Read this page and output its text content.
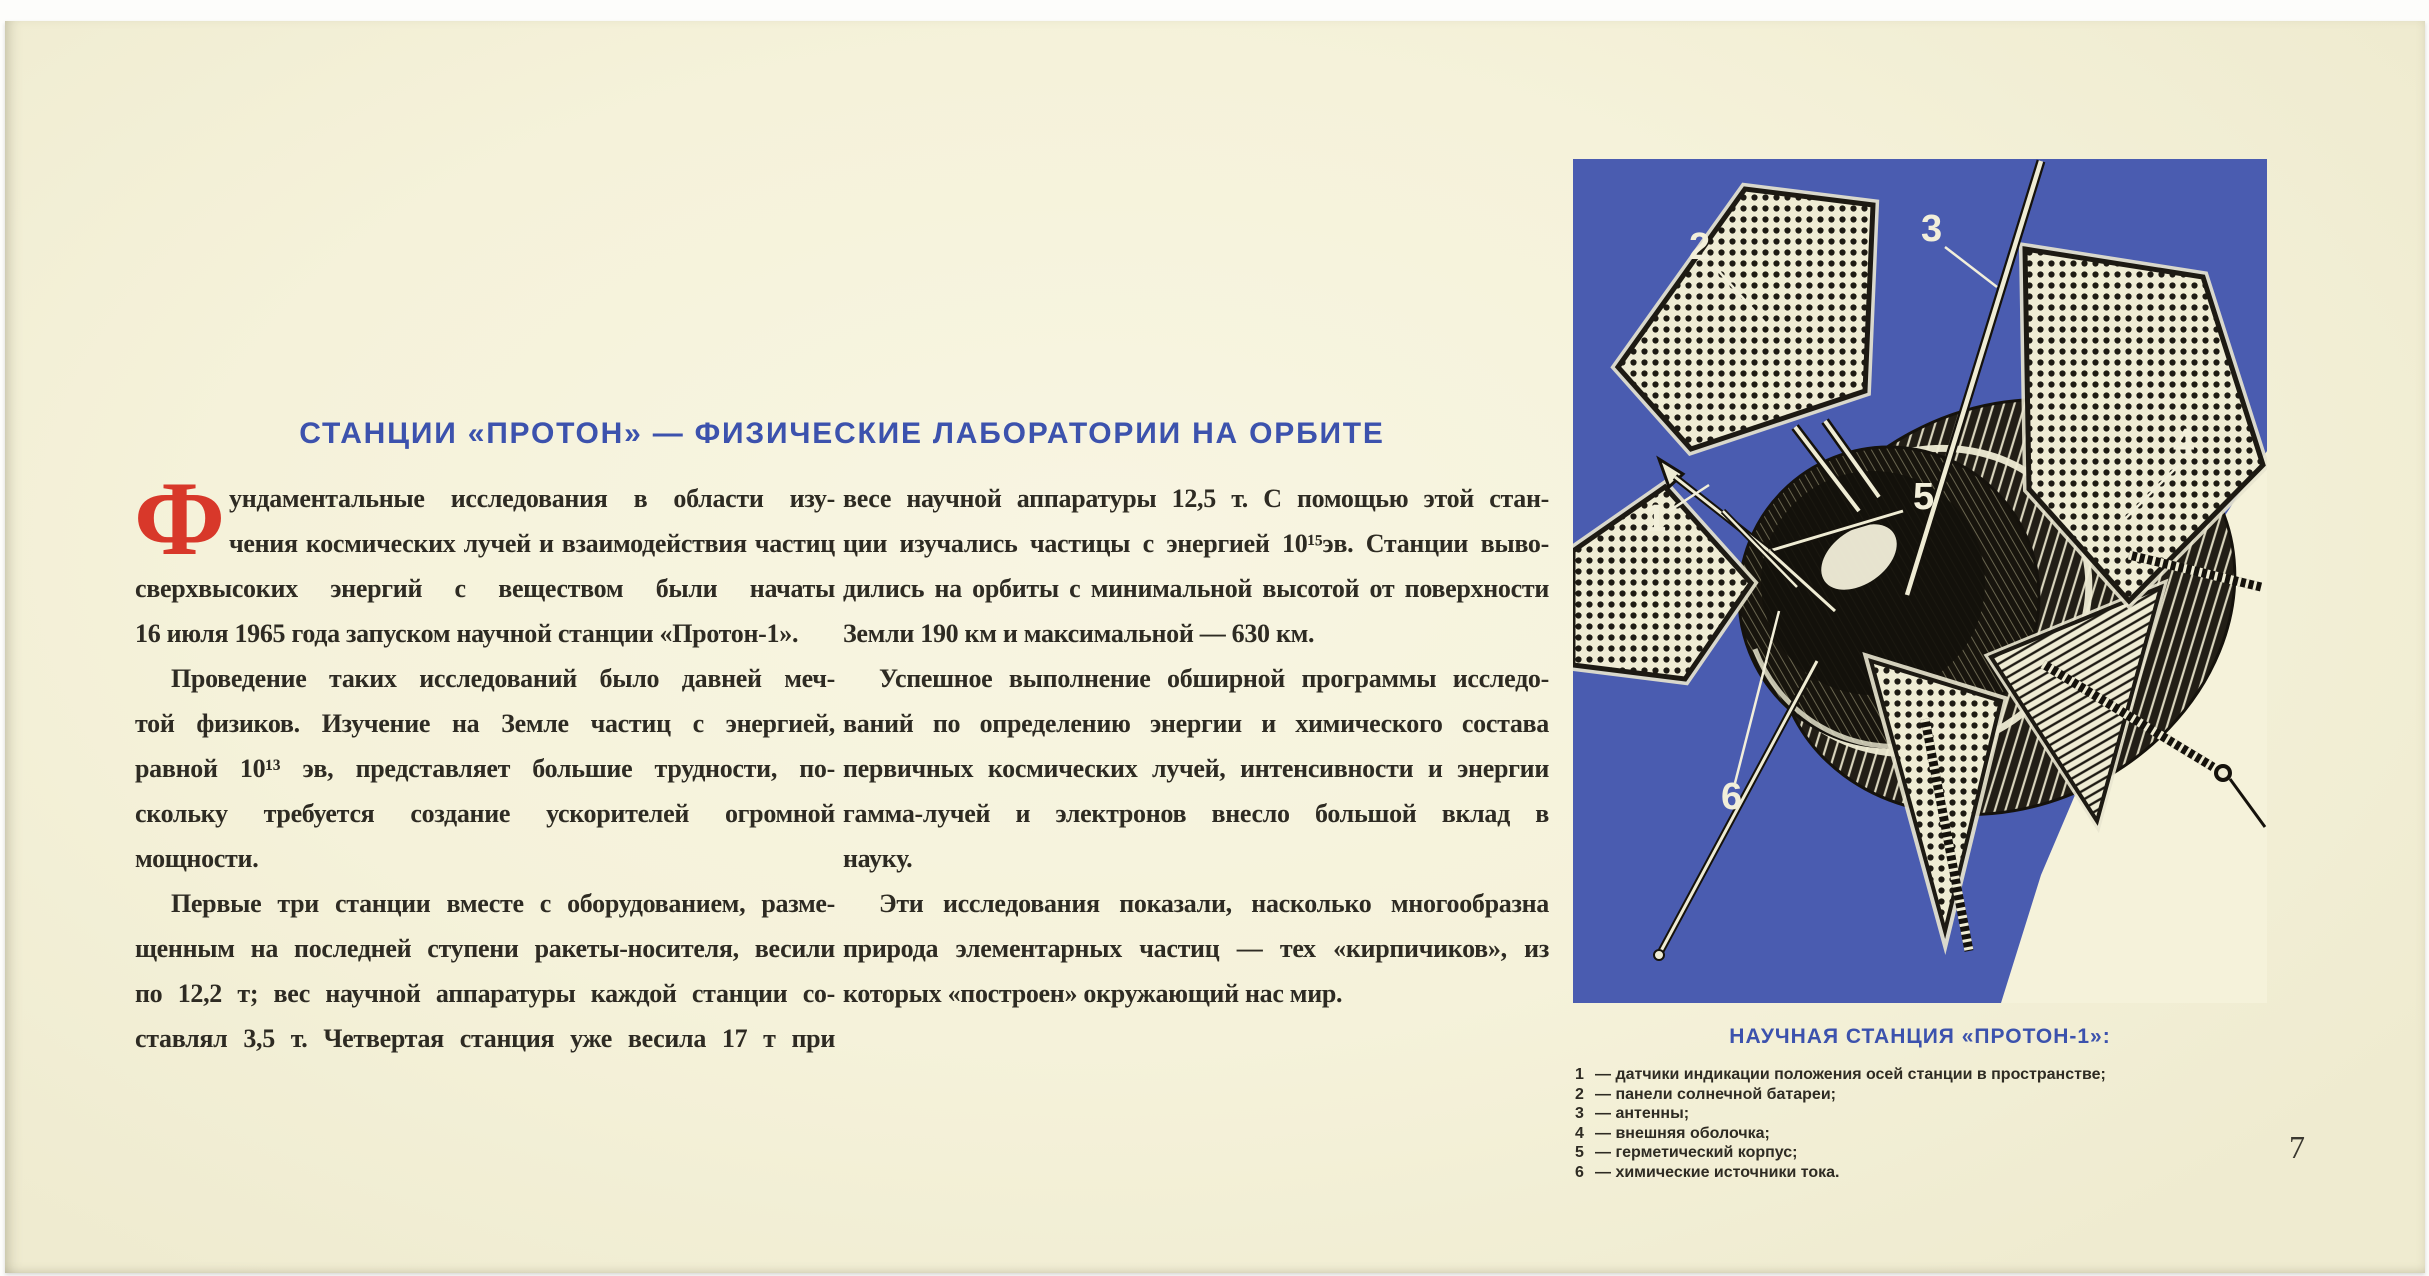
СТАНЦИИ «ПРОТОН» — ФИЗИЧЕСКИЕ ЛАБОРАТОРИИ НА ОРБИТЕ
Ф ундаментальные исследования в области изу-
чения космических лучей и взаимодействия частиц
сверхвысоких энергий с веществом были начаты
16 июля 1965 года запуском научной станции «Протон-1».
Проведение таких исследований было давней меч-
той физиков. Изучение на Земле частиц с энергией,
равной 10¹³ эв, представляет большие трудности, по-
скольку требуется создание ускорителей огромной
мощности.
Первые три станции вместе с оборудованием, разме-
щенным на последней ступени ракеты-носителя, весили
по 12,2 т; вес научной аппаратуры каждой станции со-
ставлял 3,5 т. Четвертая станция уже весила 17 т при
весе научной аппаратуры 12,5 т. С помощью этой стан-
ции изучались частицы с энергией 10¹⁵эв. Станции выво-
дились на орбиты с минимальной высотой от поверхности
Земли 190 км и максимальной — 630 км.
Успешное выполнение обширной программы исследо-
ваний по определению энергии и химического состава
первичных космических лучей, интенсивности и энергии
гамма-лучей и электронов внесло большой вклад в
науку.
Эти исследования показали, насколько многообразна
природа элементарных частиц — тех «кирпичиков», из
которых «построен» окружающий нас мир.
1
2	3
4
5
6
НАУЧНАЯ СТАНЦИЯ «ПРОТОН-1»:
1 — датчики индикации положения осей станции в пространстве;
2 — панели солнечной батареи;
3 — антенны;
4 — внешняя оболочка;
5 — герметический корпус;
6 — химические источники тока.
7
